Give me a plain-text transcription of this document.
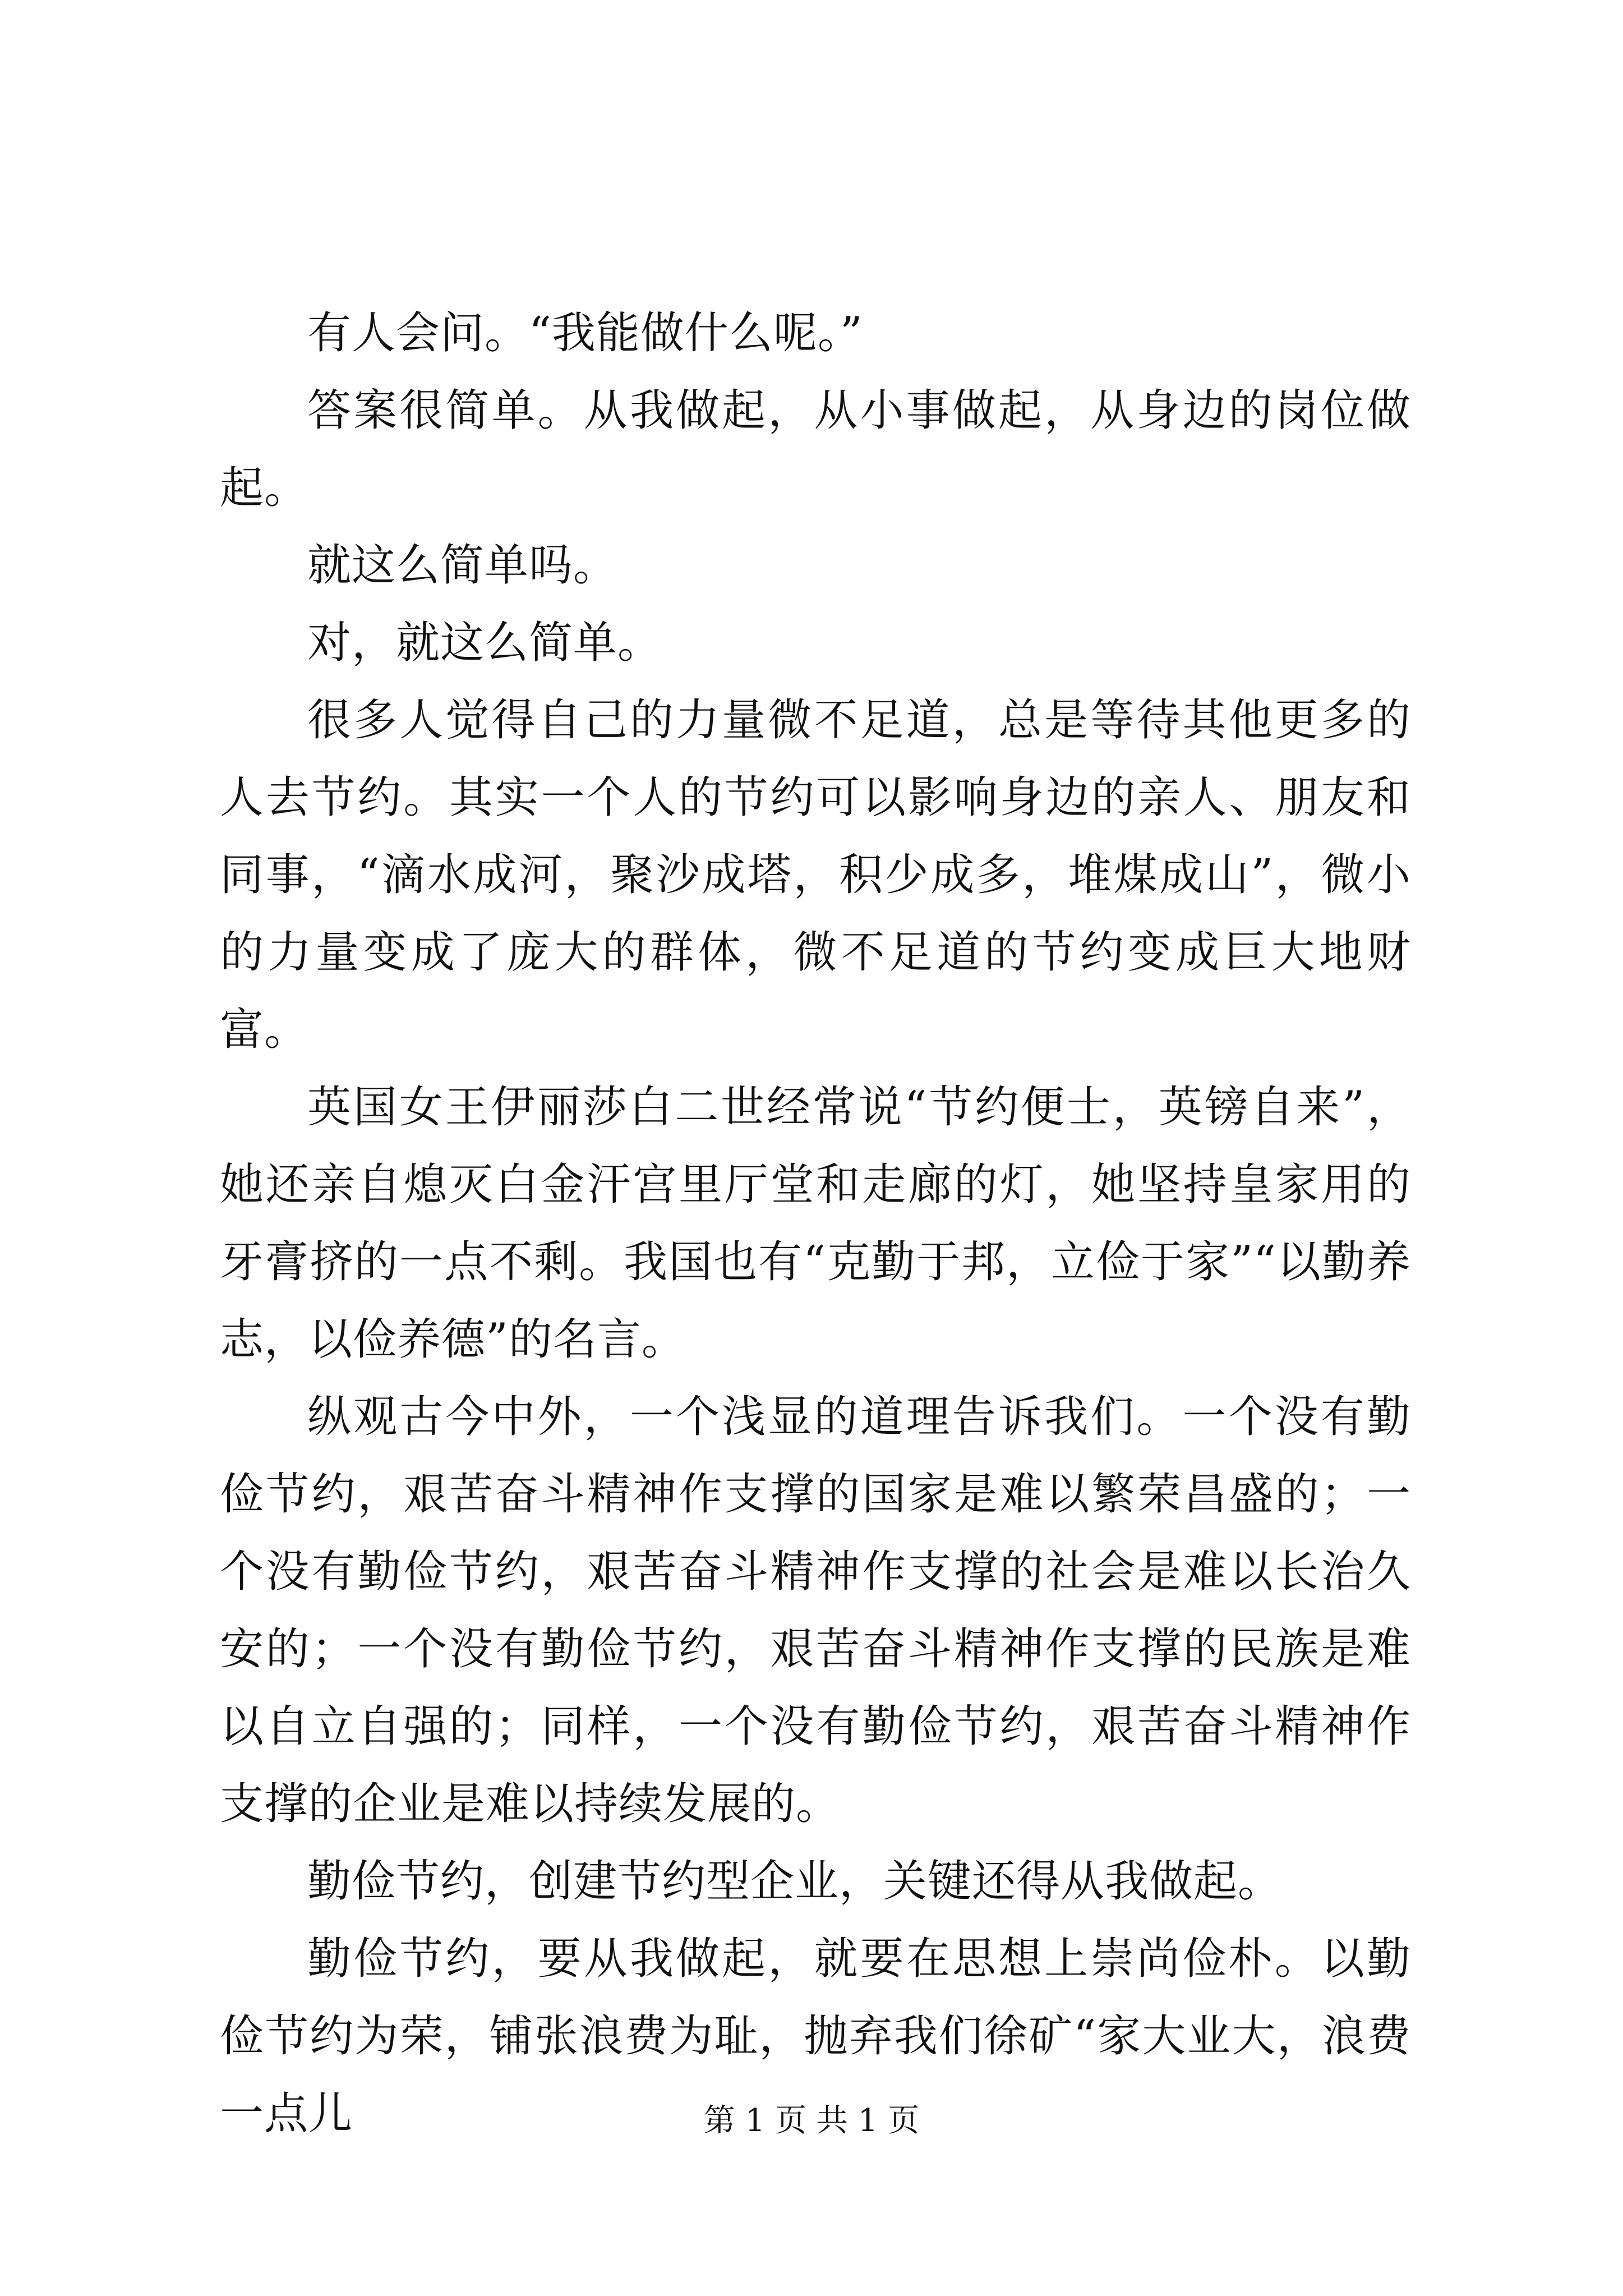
有人会问。“我能做什么呢。”

答案很简单。从我做起，从小事做起，从身边的岗位做起。

就这么简单吗。

对，就这么简单。

很多人觉得自己的力量微不足道，总是等待其他更多的人去节约。其实一个人的节约可以影响身边的亲人、朋友和同事，“滴水成河，聚沙成塔，积少成多，堆煤成山”，微小的力量变成了庞大的群体，微不足道的节约变成巨大地财富。

英国女王伊丽莎白二世经常说“节约便士，英镑自来”，她还亲自熄灭白金汗宫里厅堂和走廊的灯，她坚持皇家用的牙膏挤的一点不剩。我国也有“克勤于邦，立俭于家”“以勤养志，以俭养德”的名言。

纵观古今中外，一个浅显的道理告诉我们。一个没有勤俭节约，艰苦奋斗精神作支撑的国家是难以繁荣昌盛的；一个没有勤俭节约，艰苦奋斗精神作支撑的社会是难以长治久安的；一个没有勤俭节约，艰苦奋斗精神作支撑的民族是难以自立自强的；同样，一个没有勤俭节约，艰苦奋斗精神作支撑的企业是难以持续发展的。

勤俭节约，创建节约型企业，关键还得从我做起。

勤俭节约，要从我做起，就要在思想上崇尚俭朴。以勤俭节约为荣，铺张浪费为耻，抛弃我们徐矿“家大业大，浪费一点儿	第 1 页 共 1 页
